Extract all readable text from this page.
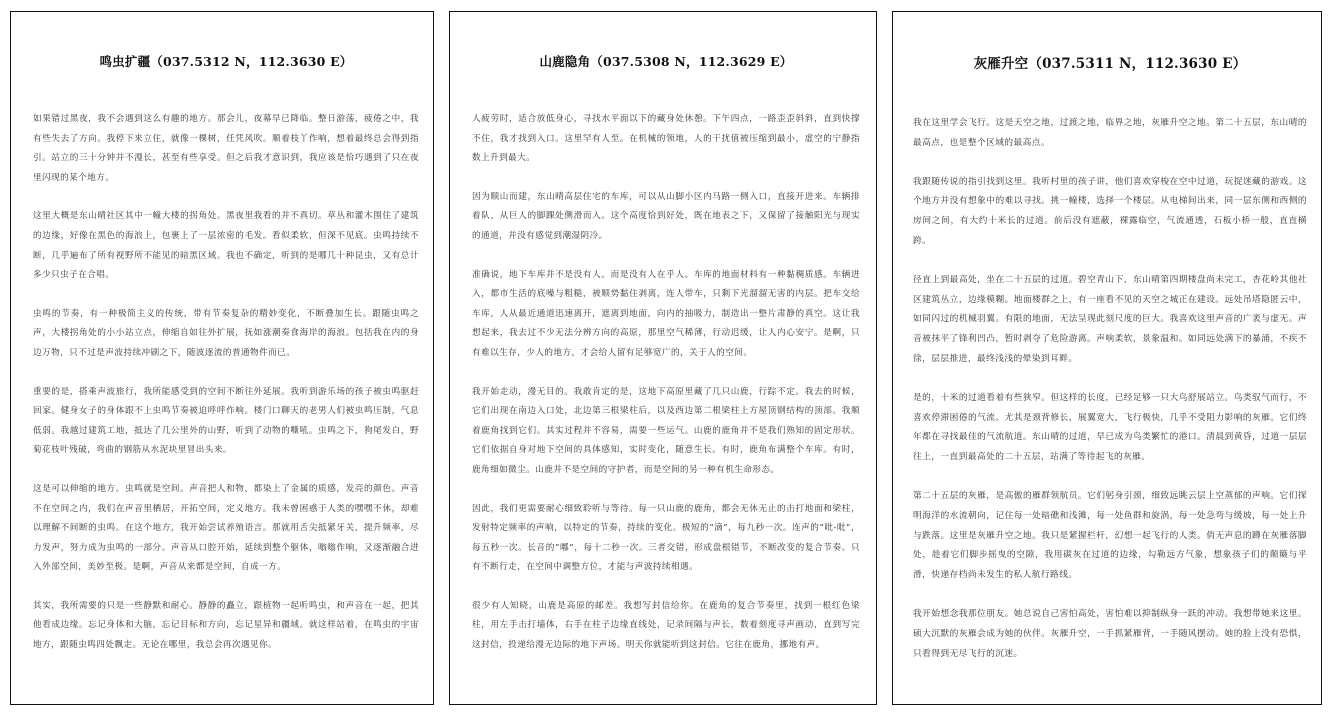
鸣虫扩疆（037.5312 N，112.3630 E）

如果错过黑夜，我不会遇到这么有趣的地方。那会儿，夜幕早已降临。整日游荡，疲倦之中，我有些失去了方向。我停下来立住，就像一棵树，任凭风吹。顺着枝丫作响，想着最终总会得到指引。站立的三十分钟并不漫长，甚至有些享受。但之后我才意识到，我应该是恰巧遇到了只在夜里闪现的某个地方。

这里大概是东山晴社区其中一幢大楼的拐角处。黑夜里我看的并不真切。草丛和灌木围住了建筑的边缘，好像在黑色的海浪上，包裹上了一层浓密的毛发。看似柔软，但深不见底。虫鸣持续不断，几乎遍布了所有视野所不能见的暗黑区域。我也不确定，听到的是哪几十种昆虫，又有总计多少只虫子在合唱。

虫鸣的节奏，有一种极简主义的传统，带有节奏复杂的精妙变化，不断叠加生长。跟随虫鸣之声，大楼拐角处的小小站立点，伸缩自如往外扩展，抚如涨潮奏食海岸的海浪。包括我在内的身边万物，只不过是声波持续冲刷之下，随波逐流的普通物件而已。

重要的是，搭乘声波旅行，我所能感受到的空间不断往外延展。我听到游乐场的孩子被虫鸣驱赶回家。健身女子的身体跟不上虫鸣节奏被迫呼呼作响。楼门口聊天的老男人们被虫鸣压制，气息低弱。我越过建筑工地，抵达了几公里外的山野，听到了动物的嘶吼。虫鸣之下，狗尾发白，野菊花枝叶残破，弯曲的钢筋从水泥块里冒出头来。

这是可以伸缩的地方。虫鸣就是空间。声音把人和物，都染上了金属的质感，发亮的颜色。声音不在空间之内，我们在声音里栖居，开拓空间，定义地方。我未曾困惑于人类的嘿嘿不休，却难以理解不间断的虫鸣。在这个地方，我开始尝试养殖语言。那就用舌尖抵紧牙关，提升频率，尽力发声，努力成为虫鸣的一部分。声音从口腔开始，延续到整个躯体，嗡嗡作响，又逐渐融合进入外部空间，美妙至极。是啊，声音从来都是空间，自成一方。

其实，我所需要的只是一些静默和耐心。静静的矗立，跟植物一起听鸣虫，和声音在一起，把其他看成边缘。忘记身体和大脑，忘记目标和方向，忘记星异和疆域。就这样站着，在鸣虫的宇宙地方，跟随虫鸣四处飘走。无论在哪里，我总会再次遇见你。

山鹿隐角（037.5308 N，112.3629 E）

人疲劳时，适合放低身心，寻找水平面以下的藏身处休憩。下午四点，一路歪歪斜斜，直到快撑不住，我才找到入口。这里罕有人至。在机械的领地，人的干扰值被压缩到最小，虚空的宁静指数上升到最大。

因为顺山而建，东山晴高层住宅的车库，可以从山脚小区内马路一侧入口，直接开进来。车辆排着队，从巨人的脚踝处侧滑而入。这个高度恰到好处，既在地表之下，又保留了接触阳光与现实的通道，并没有感觉到潮湿阴冷。

准确说，地下车库并不是没有人。而是没有人在乎人。车库的地面材料有一种黏稠质感。车辆进入，都市生活的底噪与粗糙，被顺势黏住剥离，连人带车，只剩下光溜溜无害的内层。把车交给车库，人从最近通道迅速离开，遮离到地面，向内的抽吸力，制造出一整片肃静的真空。这让我想起来，我去过不少无法分辨方向的高原，那里空气稀薄，行动迟缓，让人内心安宁。是啊，只有难以生存，少人的地方，才会给人留有足够宽广的，关于人的空间。

我开始走动，漫无目的。我敢肯定的是，这地下高原里藏了几只山鹿，行踪不定。我去的时候，它们出现在南边入口处，北边第三根梁柱后，以及西边第二根梁柱上方屋顶钢结构的顶部。我顺着鹿角找到它们。其实过程并不容易，需要一些运气。山鹿的鹿角并不是我们熟知的固定形状。它们依据自身对地下空间的具体感知，实时变化，随意生长。有时，鹿角布满整个车库。有时，鹿角细如微尘。山鹿并不是空间的守护者，而是空间的另一种有机生命形态。

因此，我们更需要耐心细致聆听与等待。每一只山鹿的鹿角，都会无休无止的击打地面和梁柱，发射特定频率的声响，以特定的节奏，持续的变化。极短的“滴”，每九秒一次。连声的“吡-吡”，每五秒一次。长音的“嘟”，每十二秒一次。三者交错，形成盘根错节，不断改变的复合节奏。只有不断行走，在空间中调整方位，才能与声波持续相遇。

很少有人知晓，山鹿是高原的邮差。我想写封信给你。在鹿角的复合节奏里，找到一根红色梁柱，用左手击打墙体，右手在柱子边缘直线处，记录间隔与声长，数着刻度寻声画动，直到写完这封信，投递给漫无边际的地下声场。明天你就能听到这封信。它往在鹿角，挪地有声。

灰雁升空（037.5311 N，112.3630 E）

我在这里学会飞行。这是天空之地，过渡之地，临界之地，灰雁升空之地。第二十五层，东山晴的最高点，也是整个区域的最高点。

我跟随传说的指引找到这里。我听村里的孩子讲，他们喜欢穿梭在空中过道，玩捉迷藏的游戏。这个地方并没有想象中的难以寻找。挑一幢楼，选择一个楼层。从电梯间出来，同一层东侧和西侧的房间之间，有大约十米长的过道。前后没有遮蔽，裸露临空，气流通透，石板小桥一般，直直横跨。

径直上到最高处，坐在二十五层的过道。碧空青山下，东山晴第四期楼盘尚未完工，杏花岭其他社区建筑丛立，边缘模糊。地面楼群之上，有一座看不见的天空之城正在建设。远处吊塔隐匿云中，如同闪过的机械羽翼。有限的地面，无法呈现此刻尺度的巨大。我喜欢这里声音的广袤与虚无。声音被抹平了锋利凹凸，暂时剥夺了危险游离。声响柔软，景象温和。如同远处满下的暴涌，不疾不徐，层层推进，最终浅浅的晕染到耳畔。

是的，十米的过道看着有些狭窄。但这样的长度，已经足够一只大鸟舒展站立。鸟类驭气而行，不喜欢停滞困倦的气流。尤其是颈背修长，展翼宽大，飞行极快，几乎不受阻力影响的灰雁。它们终年都在寻找最佳的气流航道。东山晴的过道，早已成为鸟类繁忙的港口。清晨到黄昏，过道一层层往上，一直到最高处的二十五层，站满了等待起飞的灰雁。

第二十五层的灰雁，是高傲的雁群领航员。它们躬身引颈，细致远眺云层上空蒸郁的声响。它们探明海洋的水流朝向，记住每一处暗礁和浅滩，每一处鱼群和旋涡，每一处急弯与缓坡，每一处上升与跌落。这里是灰雁升空之地。我只是紧握栏杆，幻想一起飞行的人类。俏无声息的蹲在灰雁落脚处，趁着它们脚步摇曳的空隙，我用碳灰在过道的边缘，勾勒远方气象，想象孩子们的颠簸与平滑，快递存档尚未发生的私人航行路线。

我开始想念我那位朋友。她总说自己害怕高处，害怕难以抑制纵身一跃的冲动。我想带她来这里。硕大沉默的灰雁会成为她的伙伴。灰雁升空，一手抓紧雁背，一手随风摆动。她的脸上没有恐惧，只看得到无尽飞行的沉迷。
